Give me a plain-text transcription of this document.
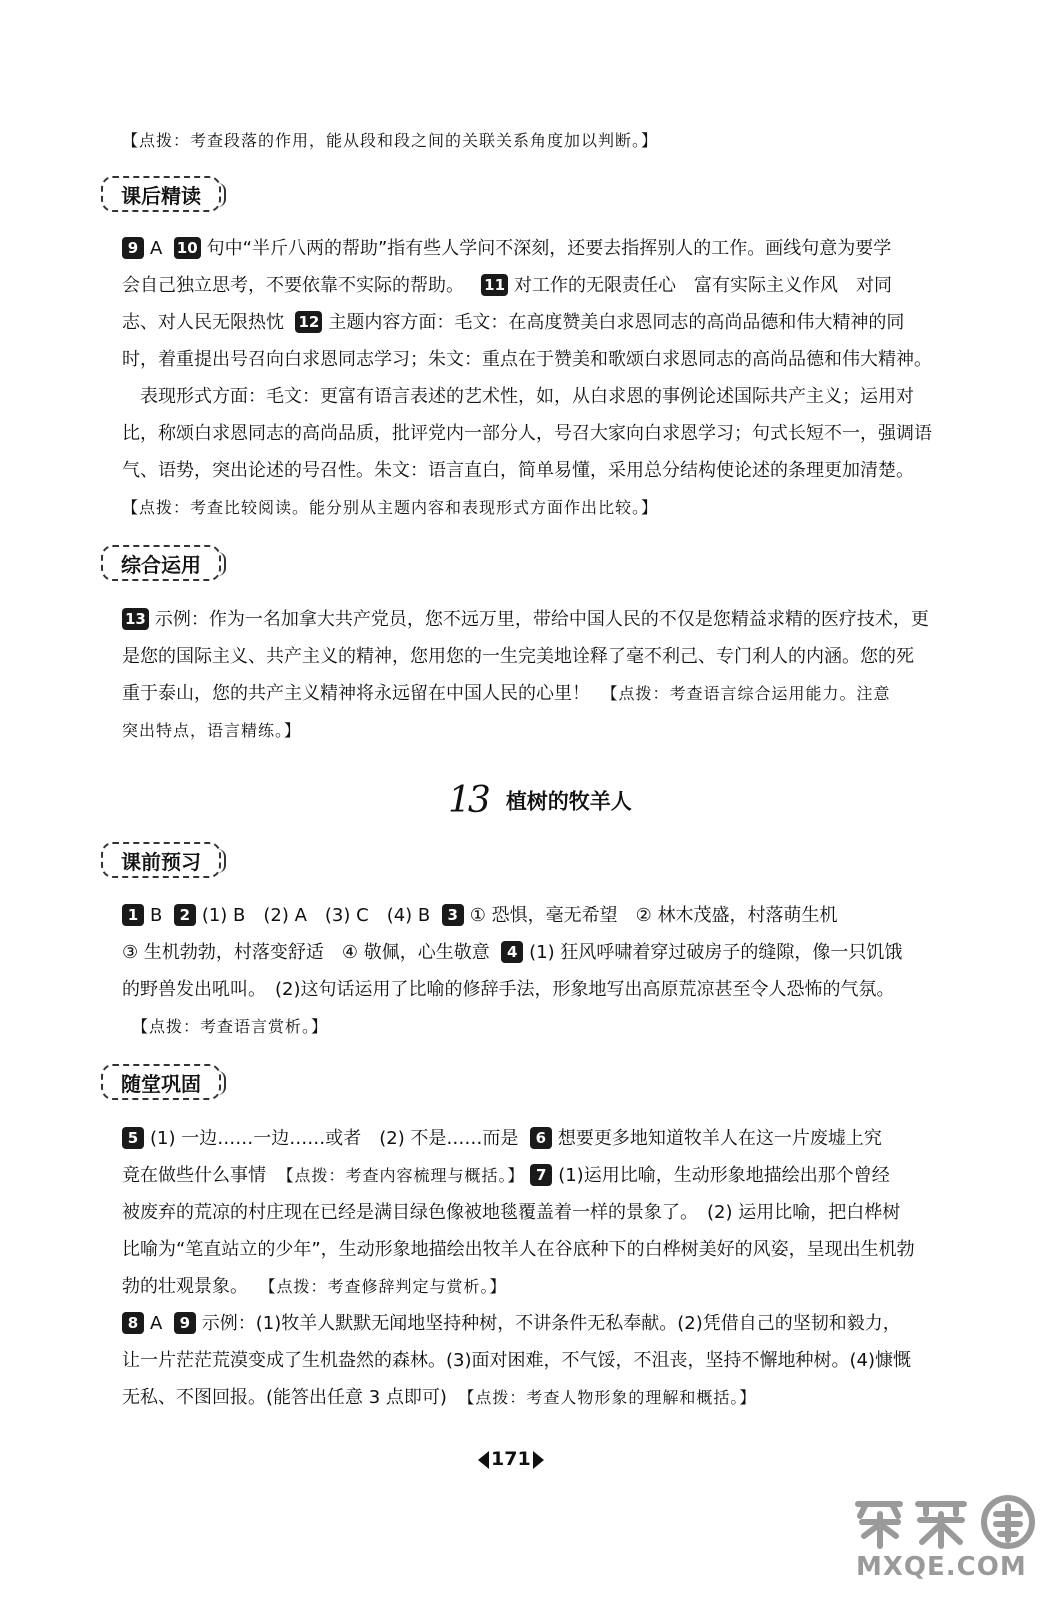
【点拨：考查段落的作用，能从段和段之间的关联关系角度加以判断。】
课后精读
9 A 10 句中“半斤八两的帮助”指有些人学问不深刻，还要去指挥别人的工作。画线句意为要学
会自己独立思考，不要依靠不实际的帮助。 11 对工作的无限责任心　富有实际主义作风　对同
志、对人民无限热忱 12 主题内容方面：毛文：在高度赞美白求恩同志的高尚品德和伟大精神的同
时，着重提出号召向白求恩同志学习；朱文：重点在于赞美和歌颂白求恩同志的高尚品德和伟大精神。
表现形式方面：毛文：更富有语言表述的艺术性，如，从白求恩的事例论述国际共产主义；运用对
比，称颂白求恩同志的高尚品质，批评党内一部分人，号召大家向白求恩学习；句式长短不一，强调语
气、语势，突出论述的号召性。朱文：语言直白，简单易懂，采用总分结构使论述的条理更加清楚。
【点拨：考查比较阅读。能分别从主题内容和表现形式方面作出比较。】
综合运用
13 示例：作为一名加拿大共产党员，您不远万里，带给中国人民的不仅是您精益求精的医疗技术，更
是您的国际主义、共产主义的精神，您用您的一生完美地诠释了毫不利己、专门利人的内涵。您的死
重于泰山，您的共产主义精神将永远留在中国人民的心里！ 【点拨：考查语言综合运用能力。注意
突出特点，语言精练。】
13 植树的牧羊人
课前预习
1 B 2 (1) B　(2) A　(3) C　(4) B 3 ① 恐惧，毫无希望　② 林木茂盛，村落萌生机
③ 生机勃勃，村落变舒适　④ 敬佩，心生敬意 4 (1) 狂风呼啸着穿过破房子的缝隙，像一只饥饿
的野兽发出吼叫。　(2)这句话运用了比喻的修辞手法，形象地写出高原荒凉甚至令人恐怖的气氛。
【点拨：考查语言赏析。】
随堂巩固
5 (1) 一边……一边……或者　(2) 不是……而是 6 想要更多地知道牧羊人在这一片废墟上究
竟在做些什么事情 【点拨：考查内容梳理与概括。】 7 (1)运用比喻，生动形象地描绘出那个曾经
被废弃的荒凉的村庄现在已经是满目绿色像被地毯覆盖着一样的景象了。　(2) 运用比喻，把白桦树
比喻为“笔直站立的少年”，生动形象地描绘出牧羊人在谷底种下的白桦树美好的风姿，呈现出生机勃
勃的壮观景象。 【点拨：考查修辞判定与赏析。】
8 A 9 示例：(1)牧羊人默默无闻地坚持种树，不讲条件无私奉献。(2)凭借自己的坚韧和毅力，
让一片茫茫荒漠变成了生机盎然的森林。(3)面对困难，不气馁，不沮丧，坚持不懈地种树。(4)慷慨
无私、不图回报。(能答出任意 3 点即可) 【点拨：考查人物形象的理解和概括。】
171
MXQE.COM
